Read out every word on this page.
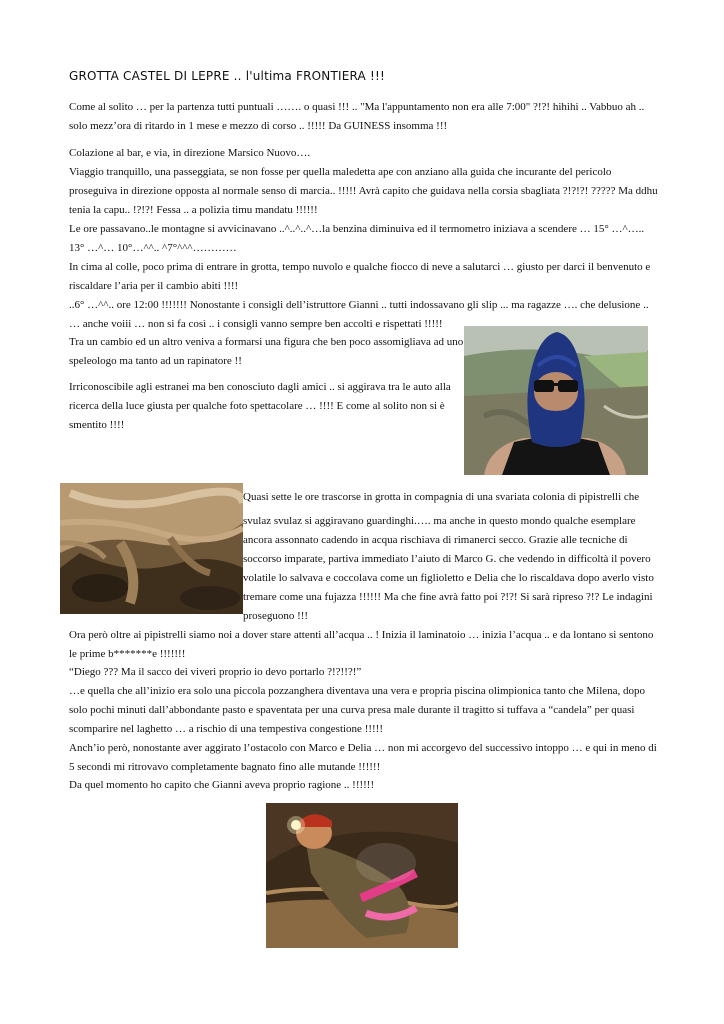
GROTTA CASTEL DI LEPRE .. l'ultima FRONTIERA !!!
Come al solito … per la partenza tutti puntuali ……. o quasi !!! .. "Ma l'appuntamento non era alle 7:00" ?!?! hihihi .. Vabbuo ah ..
solo mezz’ora di ritardo in 1 mese e mezzo di corso .. !!!!! Da GUINESS insomma !!!
Colazione al bar, e via, in direzione Marsico Nuovo….
Viaggio tranquillo, una passeggiata, se non fosse per quella maledetta ape con anziano alla guida che incurante del pericolo
proseguiva in direzione opposta al normale senso di marcia.. !!!!! Avrà capito che guidava nella corsia sbagliata ?!?!?! ????? Ma ddhu
tenia la capu.. !?!?! Fessa .. a polizia timu mandatu !!!!!!
Le ore passavano..le montagne si avvicinavano ..^..^..^…la benzina diminuiva ed il termometro iniziava a scendere … 15° …^…..
13° …^… 10°…^^.. ^7°^^^…………
In cima al colle, poco prima di entrare in grotta, tempo nuvolo e qualche fiocco di neve a salutarci … giusto per darci il benvenuto e
riscaldare l’aria per il cambio abiti !!!!
..6° …^^.. ore 12:00 !!!!!!! Nonostante i consigli dell’istruttore Gianni .. tutti indossavano gli slip ... ma ragazze …. che delusione ..
… anche voiii … non si fa così .. i consigli vanno sempre ben accolti e rispettati !!!!!
Tra un cambio ed un altro veniva a formarsi una figura che ben poco assomigliava ad uno
speleologo ma tanto ad un rapinatore !!
Irriconoscibile agli estranei ma ben conosciuto dagli amici .. si aggirava tra le auto alla
ricerca della luce giusta per qualche foto spettacolare … !!!! E come al solito non si è
smentito !!!!
Quasi sette le ore trascorse in grotta in compagnia di una svariata colonia di pipistrelli che
svulaz svulaz si aggiravano guardinghi.…. ma anche in questo mondo qualche esemplare
ancora assonnato cadendo in acqua rischiava di rimanerci secco. Grazie alle tecniche di
soccorso imparate, partiva immediato l’aiuto di Marco G. che vedendo in difficoltà il povero
volatile lo salvava e coccolava come un figlioletto e Delia che lo riscaldava dopo averlo visto
tremare come una fujazza !!!!!! Ma che fine avrà fatto poi ?!?! Si sarà ripreso ?!? Le indagini
proseguono !!!
Ora però oltre ai pipistrelli siamo noi a dover stare attenti all’acqua .. ! Inizia il laminatoio … inizia l’acqua .. e da lontano si sentono
le prime b*******e !!!!!!!
“Diego ??? Ma il sacco dei viveri proprio io devo portarlo ?!?!!?!”
…e quella che all’inizio era solo una piccola pozzanghera diventava una vera e propria piscina olimpionica tanto che Milena, dopo
solo pochi minuti dall’abbondante pasto e spaventata per una curva presa male durante il tragitto si tuffava a “candela” per quasi
scomparire nel laghetto … a rischio di una tempestiva congestione !!!!!
Anch’io però, nonostante aver aggirato l’ostacolo con Marco e Delia … non mi accorgevo del successivo intoppo … e qui in meno di
5 secondi mi ritrovavo completamente bagnato fino alle mutande !!!!!!
Da quel momento ho capito che Gianni aveva proprio ragione .. !!!!!!
